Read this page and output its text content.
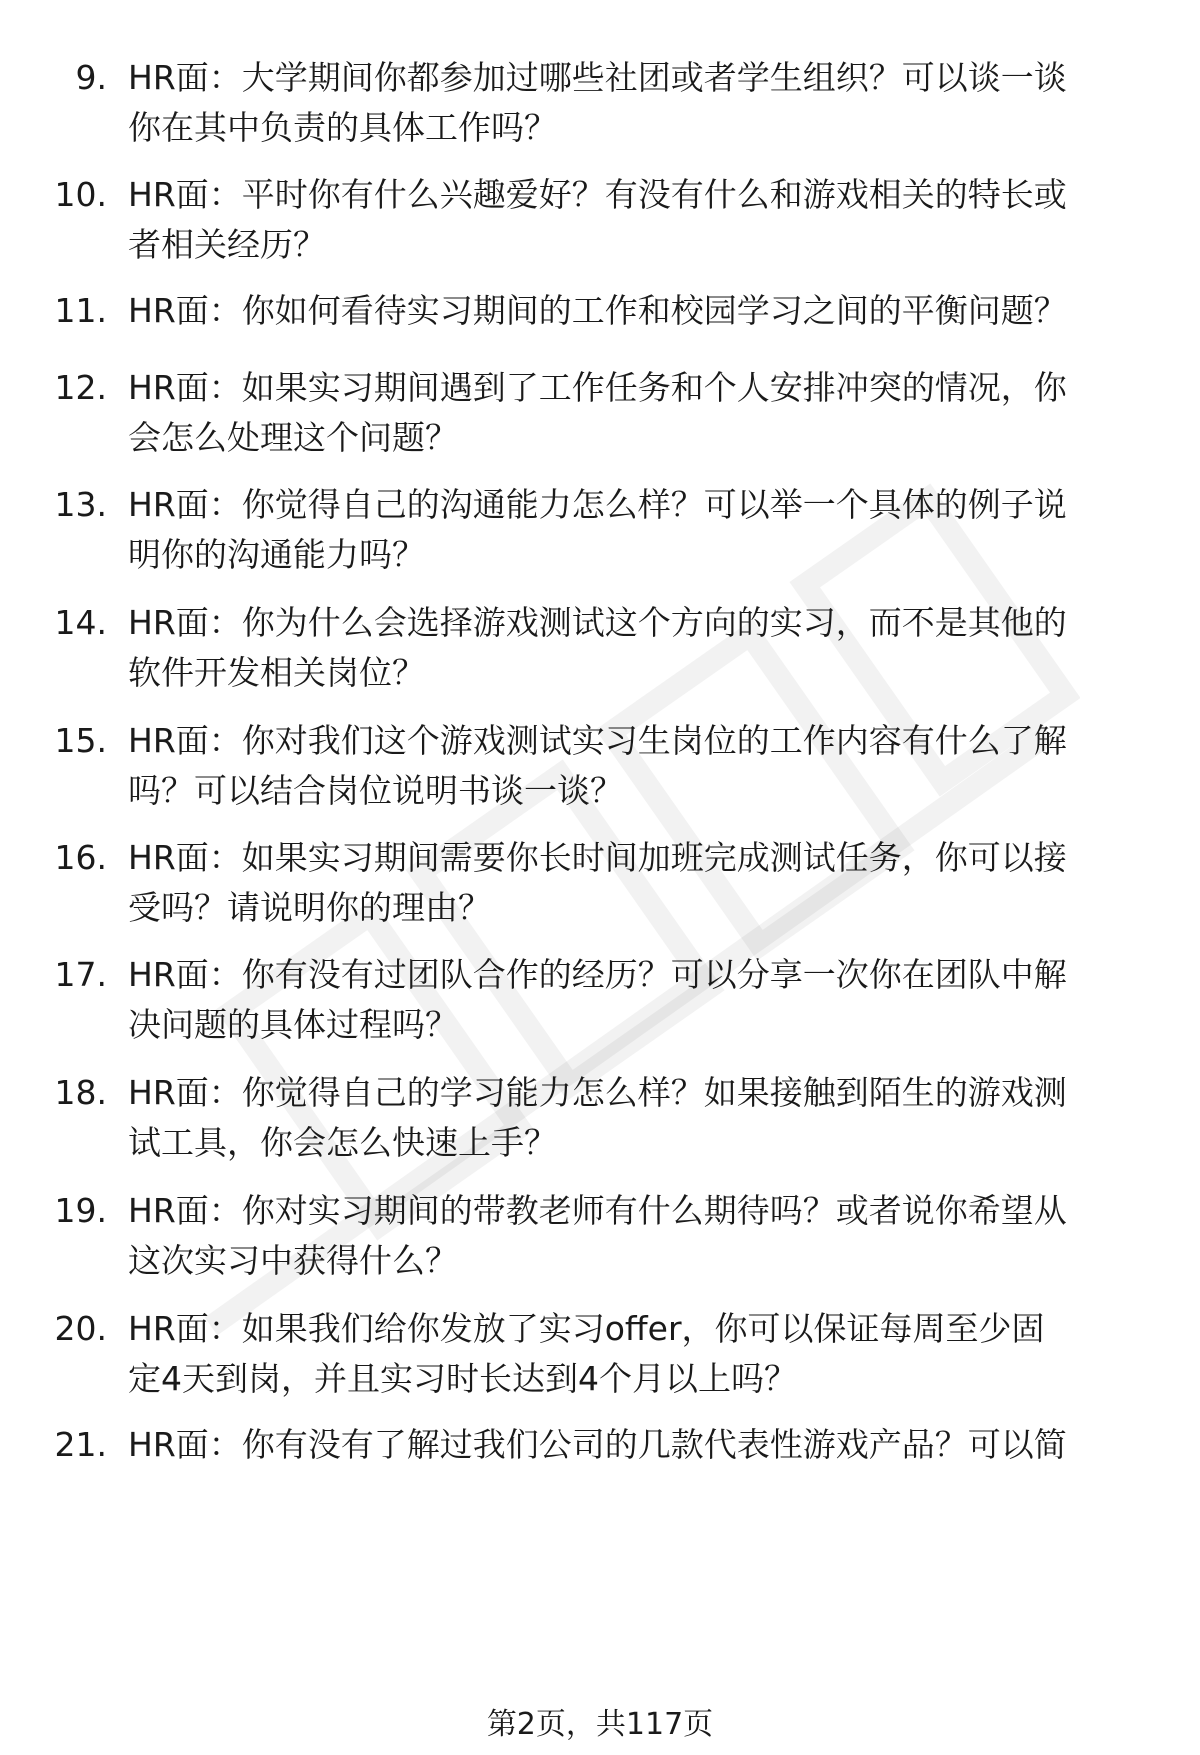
9. HR面：大学期间你都参加过哪些社团或者学生组织？可以谈一谈
你在其中负责的具体工作吗？
10. HR面：平时你有什么兴趣爱好？有没有什么和游戏相关的特长或
者相关经历？
11. HR面：你如何看待实习期间的工作和校园学习之间的平衡问题？
12. HR面：如果实习期间遇到了工作任务和个人安排冲突的情况，你
会怎么处理这个问题？
13. HR面：你觉得自己的沟通能力怎么样？可以举一个具体的例子说
明你的沟通能力吗？
14. HR面：你为什么会选择游戏测试这个方向的实习，而不是其他的
软件开发相关岗位？
15. HR面：你对我们这个游戏测试实习生岗位的工作内容有什么了解
吗？可以结合岗位说明书谈一谈？
16. HR面：如果实习期间需要你长时间加班完成测试任务，你可以接
受吗？请说明你的理由？
17. HR面：你有没有过团队合作的经历？可以分享一次你在团队中解
决问题的具体过程吗？
18. HR面：你觉得自己的学习能力怎么样？如果接触到陌生的游戏测
试工具，你会怎么快速上手？
19. HR面：你对实习期间的带教老师有什么期待吗？或者说你希望从
这次实习中获得什么？
20. HR面：如果我们给你发放了实习offer，你可以保证每周至少固
定4天到岗，并且实习时长达到4个月以上吗？
21. HR面：你有没有了解过我们公司的几款代表性游戏产品？可以简
第2页，共117页
